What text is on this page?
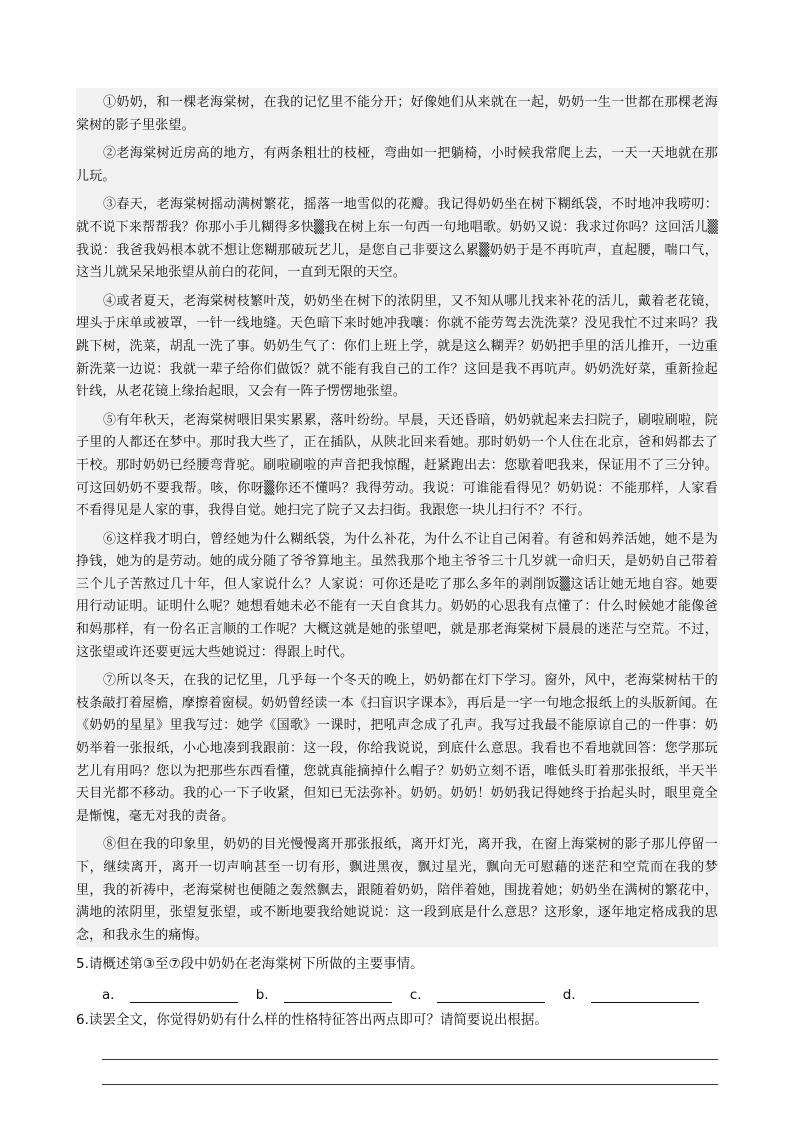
①奶奶，和一棵老海棠树，在我的记忆里不能分开；好像她们从来就在一起，奶奶一生一世都在那棵老海棠树的影子里张望。

②老海棠树近房高的地方，有两条粗壮的枝桠，弯曲如一把躺椅，小时候我常爬上去，一天一天地就在那儿玩。

③春天，老海棠树摇动满树繁花，摇落一地雪似的花瓣。我记得奶奶坐在树下糊纸袋，不时地冲我唠叨：就不说下来帮帮我？你那小手儿糊得多快▒我在树上东一句西一句地唱歌。奶奶又说：我求过你吗？这回活儿▒我说：我爸我妈根本就不想让您糊那破玩艺儿，是您自己非要这么累▒奶奶于是不再吭声，直起腰，喘口气，这当儿就呆呆地张望从前白的花间，一直到无限的天空。

④或者夏天，老海棠树枝繁叶茂，奶奶坐在树下的浓阴里，又不知从哪儿找来补花的活儿，戴着老花镜，埋头于床单或被罩，一针一线地缝。天色暗下来时她冲我嚷：你就不能劳驾去洗洗菜？没见我忙不过来吗？我跳下树，洗菜，胡乱一洗了事。奶奶生气了：你们上班上学，就是这么糊弄？奶奶把手里的活儿推开，一边重新洗菜一边说：我就一辈子给你们做饭？就不能有我自己的工作？这回是我不再吭声。奶奶洗好菜，重新捡起针线，从老花镜上缘抬起眼，又会有一阵子愣愣地张望。

⑤有年秋天，老海棠树喂旧果实累累，落叶纷纷。早晨，天还昏暗，奶奶就起来去扫院子，刷啦刷啦，院子里的人都还在梦中。那时我大些了，正在插队，从陕北回来看她。那时奶奶一个人住在北京，爸和妈都去了干校。那时奶奶已经腰弯背驼。刷啦刷啦的声音把我惊醒，赶紧跑出去：您歇着吧我来，保证用不了三分钟。可这回奶奶不要我帮。咳，你呀▒你还不懂吗？我得劳动。我说：可谁能看得见？奶奶说：不能那样，人家看不看得见是人家的事，我得自觉。她扫完了院子又去扫街。我跟您一块儿扫行不？不行。

⑥这样我才明白，曾经她为什么糊纸袋，为什么补花，为什么不让自己闲着。有爸和妈养活她，她不是为挣钱，她为的是劳动。她的成分随了爷爷算地主。虽然我那个地主爷爷三十几岁就一命归天，是奶奶自己带着三个儿子苦熬过几十年，但人家说什么？人家说：可你还是吃了那么多年的剥削饭▒这话让她无地自容。她要用行动证明。证明什么呢？她想看她未必不能有一天自食其力。奶奶的心思我有点懂了：什么时候她才能像爸和妈那样，有一份名正言顺的工作呢？大概这就是她的张望吧，就是那老海棠树下晨晨的迷茫与空荒。不过，这张望或许还要更远大些她说过：得跟上时代。

⑦所以冬天，在我的记忆里，几乎每一个冬天的晚上，奶奶都在灯下学习。窗外，风中，老海棠树枯干的枝条敲打着屋檐，摩擦着窗棂。奶奶曾经读一本《扫盲识字课本》，再后是一字一句地念报纸上的头版新闻。在《奶奶的星星》里我写过：她学《国歌》一课时，把吼声念成了孔声。我写过我最不能原谅自己的一件事：奶奶举着一张报纸，小心地凑到我跟前：这一段，你给我说说，到底什么意思。我看也不看地就回答：您学那玩艺儿有用吗？您以为把那些东西看懂，您就真能摘掉什么帽子？奶奶立刻不语，唯低头盯着那张报纸，半天半天目光都不移动。我的心一下子收紧，但知已无法弥补。奶奶。奶奶！奶奶我记得她终于抬起头时，眼里竟全是惭愧，毫无对我的责备。

⑧但在我的印象里，奶奶的目光慢慢离开那张报纸，离开灯光，离开我，在窗上海棠树的影子那儿停留一下，继续离开，离开一切声响甚至一切有形，飘进黑夜，飘过星光，飘向无可慰藉的迷茫和空荒而在我的梦里，我的祈祷中，老海棠树也便随之轰然飘去，跟随着奶奶，陪伴着她，围拢着她；奶奶坐在满树的繁花中，满地的浓阴里，张望复张望，或不断地要我给她说说：这一段到底是什么意思？这形象，逐年地定格成我的思念，和我永生的痛悔。

5.请概述第③至⑦段中奶奶在老海棠树下所做的主要事情。
a．	b．	c．	d．
6.读罢全文，你觉得奶奶有什么样的性格特征答出两点即可？请简要说出根据。
